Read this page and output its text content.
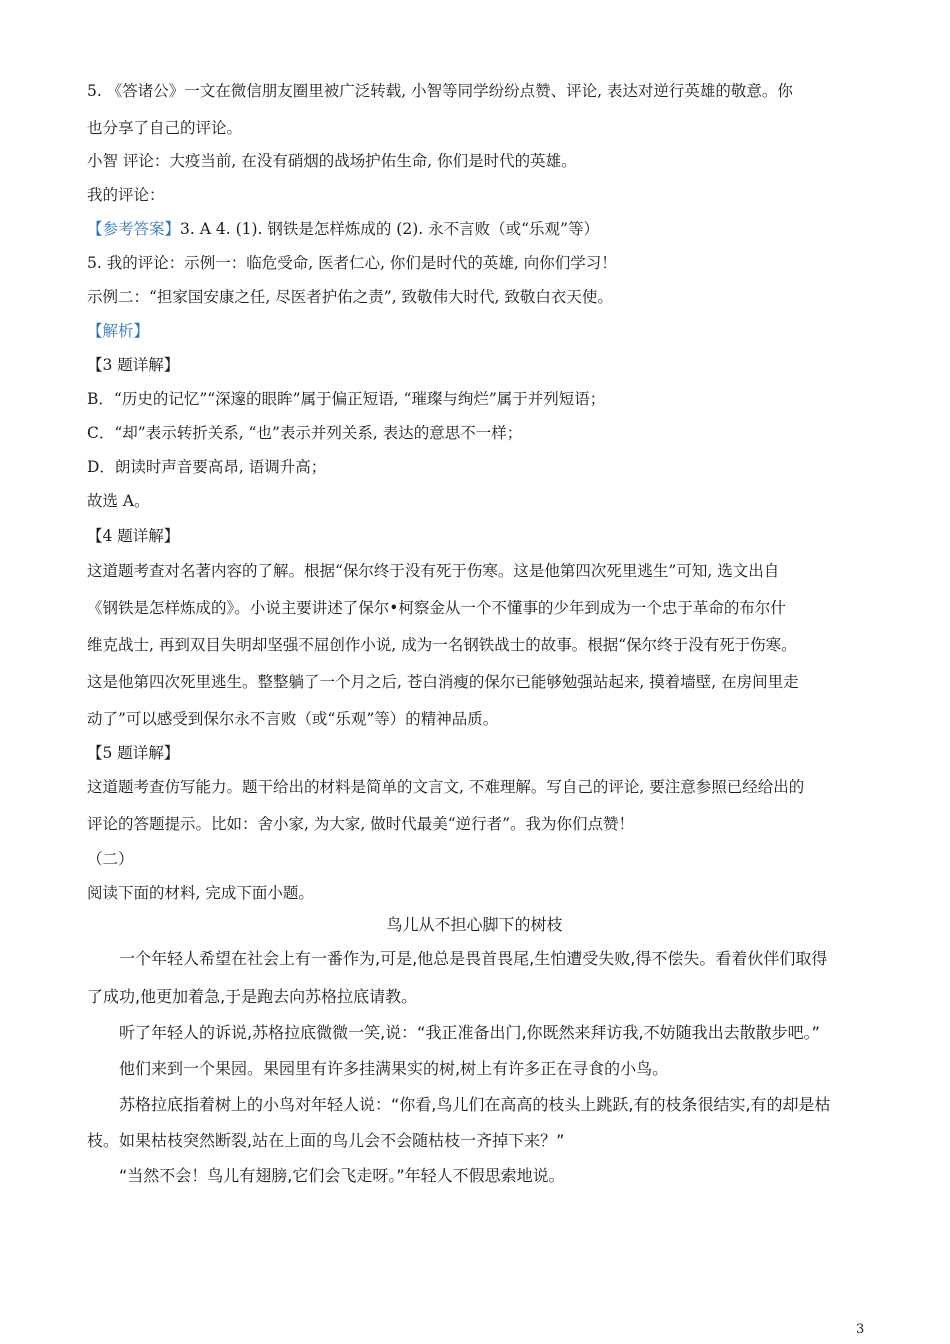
5. 《答诸公》一文在微信朋友圈里被广泛转载, 小智等同学纷纷点赞、评论, 表达对逆行英雄的敬意。你
也分享了自己的评论。
小智 评论：大疫当前, 在没有硝烟的战场护佑生命, 你们是时代的英雄。
我的评论：
【参考答案】3. A 4. (1). 钢铁是怎样炼成的 (2). 永不言败（或“乐观”等）
5. 我的评论：示例一：临危受命, 医者仁心, 你们是时代的英雄, 向你们学习！
示例二：“担家国安康之任, 尽医者护佑之责”, 致敬伟大时代, 致敬白衣天使。
【解析】
【3 题详解】
B．“历史的记忆”“深邃的眼眸”属于偏正短语, “璀璨与绚烂”属于并列短语；
C．“却”表示转折关系, “也”表示并列关系, 表达的意思不一样；
D．朗读时声音要高昂, 语调升高；
故选 A。
【4 题详解】
这道题考查对名著内容的了解。根据“保尔终于没有死于伤寒。这是他第四次死里逃生”可知, 选文出自
《钢铁是怎样炼成的》。小说主要讲述了保尔•柯察金从一个不懂事的少年到成为一个忠于革命的布尔什
维克战士, 再到双目失明却坚强不屈创作小说, 成为一名钢铁战士的故事。根据“保尔终于没有死于伤寒。
这是他第四次死里逃生。整整躺了一个月之后, 苍白消瘦的保尔已能够勉强站起来, 摸着墙壁, 在房间里走
动了”可以感受到保尔永不言败（或“乐观”等）的精神品质。
【5 题详解】
这道题考查仿写能力。题干给出的材料是简单的文言文, 不难理解。写自己的评论, 要注意参照已经给出的
评论的答题提示。比如：舍小家, 为大家, 做时代最美“逆行者”。我为你们点赞！
（二）
阅读下面的材料, 完成下面小题。
鸟儿从不担心脚下的树枝
一个年轻人希望在社会上有一番作为,可是,他总是畏首畏尾,生怕遭受失败,得不偿失。看着伙伴们取得
了成功,他更加着急,于是跑去向苏格拉底请教。
听了年轻人的诉说,苏格拉底微微一笑,说：“我正准备出门,你既然来拜访我,不妨随我出去散散步吧。”
他们来到一个果园。果园里有许多挂满果实的树,树上有许多正在寻食的小鸟。
苏格拉底指着树上的小鸟对年轻人说：“你看,鸟儿们在高高的枝头上跳跃,有的枝条很结实,有的却是枯
枝。如果枯枝突然断裂,站在上面的鸟儿会不会随枯枝一齐掉下来？”
“当然不会！鸟儿有翅膀,它们会飞走呀。”年轻人不假思索地说。
3
